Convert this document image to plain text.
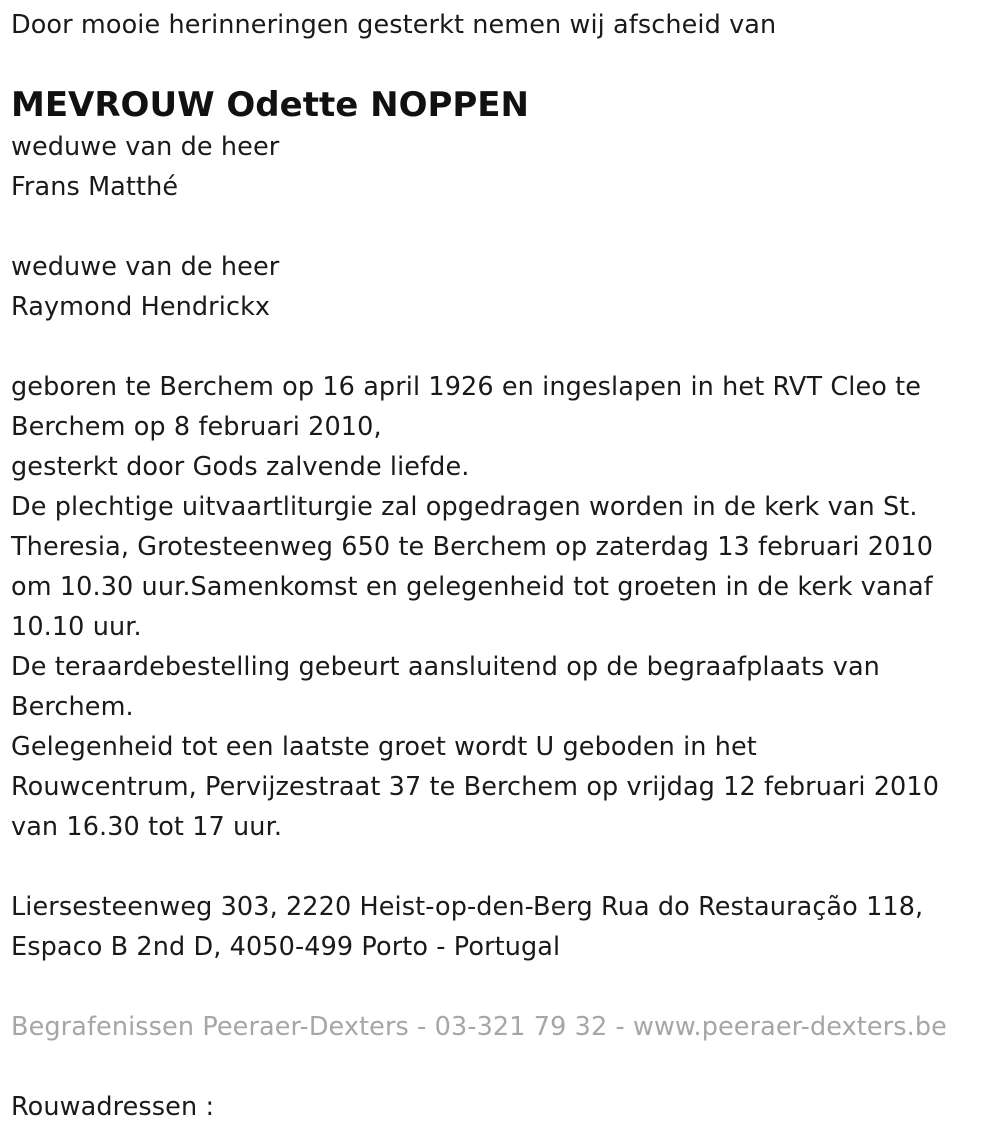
Door mooie herinneringen gesterkt nemen wij afscheid van
MEVROUW Odette NOPPEN
weduwe van de heer
Frans Matthé
weduwe van de heer
Raymond Hendrickx
geboren te Berchem op 16 april 1926 en ingeslapen in het RVT Cleo te
Berchem op 8 februari 2010,
gesterkt door Gods zalvende liefde.
De plechtige uitvaartliturgie zal opgedragen worden in de kerk van St.
Theresia, Grotesteenweg 650 te Berchem op zaterdag 13 februari 2010
om 10.30 uur.Samenkomst en gelegenheid tot groeten in de kerk vanaf
10.10 uur.
De teraardebestelling gebeurt aansluitend op de begraafplaats van
Berchem.
Gelegenheid tot een laatste groet wordt U geboden in het
Rouwcentrum, Pervijzestraat 37 te Berchem op vrijdag 12 februari 2010
van 16.30 tot 17 uur.
Liersesteenweg 303, 2220 Heist-op-den-Berg Rua do Restauração 118,
Espaco B 2nd D, 4050-499 Porto - Portugal
Begrafenissen Peeraer-Dexters - 03-321 79 32 - www.peeraer-dexters.be
Rouwadressen :
